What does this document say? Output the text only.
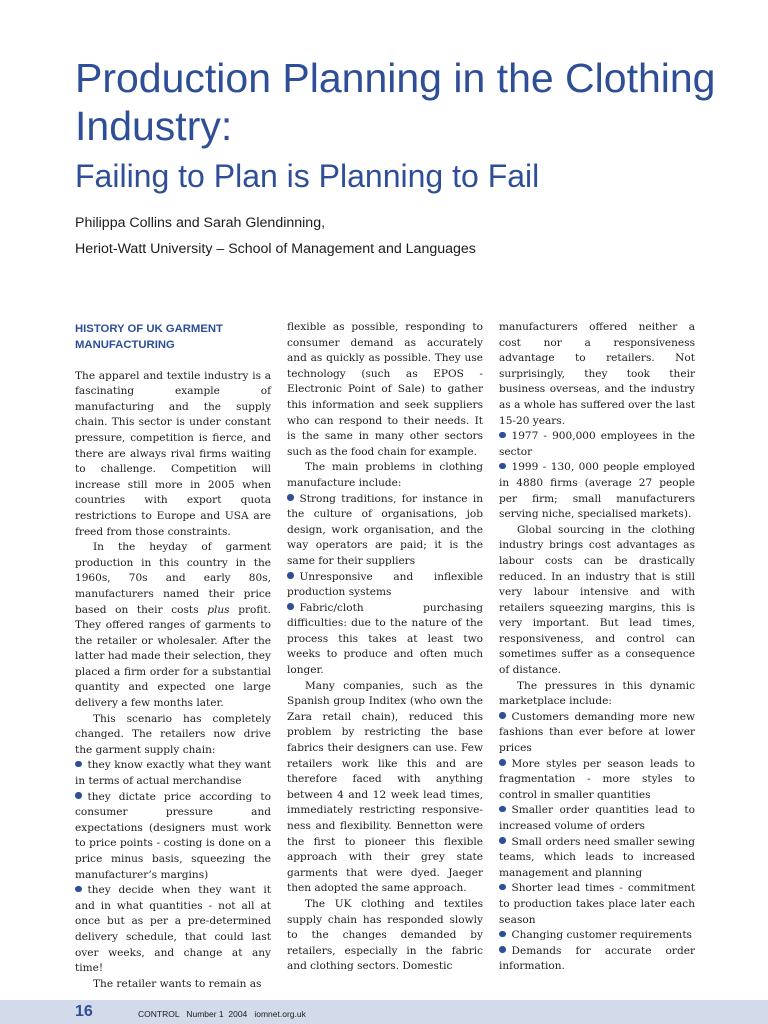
Production Planning in the Clothing Industry:
Failing to Plan is Planning to Fail

Philippa Collins and Sarah Glendinning,

Heriot-Watt University – School of Management and Languages

HISTORY OF UK GARMENT MANUFACTURING

The apparel and textile industry is a fascinating example of manufacturing and the supply chain. This sector is under constant pressure, competition is fierce, and there are always rival firms waiting to challenge. Competition will increase still more in 2005 when countries with export quota restrictions to Europe and USA are freed from those constraints.

In the heyday of garment production in this country in the 1960s, 70s and early 80s, manufacturers named their price based on their costs plus profit. They offered ranges of garments to the retailer or wholesaler. After the latter had made their selection, they placed a firm order for a substantial quantity and expected one large delivery a few months later.

This scenario has completely changed. The retailers now drive the garment supply chain:

they know exactly what they want in terms of actual merchandise

they dictate price according to consumer pressure and expectations (designers must work to price points - costing is done on a price minus basis, squeezing the manufacturer’s margins)

they decide when they want it and in what quantities - not all at once but as per a pre-determined delivery schedule, that could last over weeks, and change at any time!

The retailer wants to remain as

flexible as possible, responding to consumer demand as accurately and as quickly as possible. They use technology (such as EPOS - Electronic Point of Sale) to gather this information and seek suppliers who can respond to their needs. It is the same in many other sectors such as the food chain for example.

The main problems in clothing manufacture include:

Strong traditions, for instance in the culture of organisations, job design, work organisation, and the way operators are paid; it is the same for their suppliers

Unresponsive and inflexible production systems

Fabric/cloth purchasing difficulties: due to the nature of the process this takes at least two weeks to produce and often much longer.

Many companies, such as the Spanish group Inditex (who own the Zara retail chain), reduced this problem by restricting the base fabrics their designers can use. Few retailers work like this and are therefore faced with anything between 4 and 12 week lead times, immediately restricting responsive-ness and flexibility. Bennetton were the first to pioneer this flexible approach with their grey state garments that were dyed. Jaeger then adopted the same approach.

The UK clothing and textiles supply chain has responded slowly to the changes demanded by retailers, especially in the fabric and clothing sectors. Domestic

manufacturers offered neither a cost nor a responsiveness advantage to retailers. Not surprisingly, they took their business overseas, and the industry as a whole has suffered over the last 15-20 years.

1977 - 900,000 employees in the sector

1999 - 130, 000 people employed in 4880 firms (average 27 people per firm; small manufacturers serving niche, specialised markets).

Global sourcing in the clothing industry brings cost advantages as labour costs can be drastically reduced. In an industry that is still very labour intensive and with retailers squeezing margins, this is very important. But lead times, responsiveness, and control can sometimes suffer as a consequence of distance.

The pressures in this dynamic marketplace include:

Customers demanding more new fashions than ever before at lower prices

More styles per season leads to fragmentation - more styles to control in smaller quantities

Smaller order quantities lead to increased volume of orders

Small orders need smaller sewing teams, which leads to increased management and planning

Shorter lead times - commitment to production takes place later each season

Changing customer requirements

Demands for accurate order information.

16	CONTROL   Number 1  2004   iomnet.org.uk
